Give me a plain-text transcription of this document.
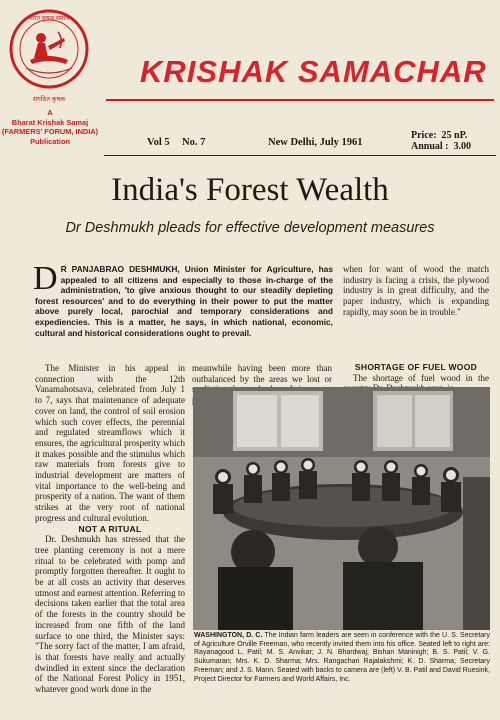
भारत कृषक समाज
संगठित कृषक
A
Bharat Krishak Samaj
(FARMERS' FORUM, INDIA)
Publication
KRISHAK SAMACHAR
Vol 5 No. 7	New Delhi, July 1961
Price: 25 nP.
Annual : 3.00
India's Forest Wealth
Dr Deshmukh pleads for effective development measures
D R PANJABRAO DESHMUKH, Union Minister for Agriculture, has appealed to all citizens and especially to those in-charge of the administration, 'to give anxious thought to our steadily depleting forest resources' and to do everything in their power to put the matter above purely local, parochial and temporary considerations and expediencies. This is a matter, he says, in which national, economic, cultural and historical considerations ought to prevail.

The Minister in his appeal in connection with the 12th Vanamahotsava, celebrated from July 1 to 7, says that maintenance of adequate cover on land, the control of soil erosion which such cover effects, the perennial and regulated streamflows which it ensures, the agricultural prosperity which it makes possible and the stimulus which raw materials from forests give to industrial development are matters of vital importance to the well-being and prosperity of a nation. The want of them strikes at the very root of national progress and cultural evolution.

NOT A RITUAL

Dr. Deshmukh has stressed that the tree planting ceremony is not a mere ritual to be celebrated with pomp and promptly forgotten thereafter. It ought to be at all costs an activity that deserves utmost and earnest attention. Referring to decisions taken earlier that the total area of the forests in the country should be increased from one fifth of the land surface to one third, the Minister says: "The sorry fact of the matter, I am afraid, is that forests have really and actually dwindled in extent since the declaration of the National Forest Policy in 1951, whatever good work done in the

meanwhile having been more than outbalanced by the areas we lost or

when for want of wood the match industry is facing a crisis, the plywood industry is in great difficulty, and the paper industry, which is expanding rapidly, may soon be in trouble."

SHORTAGE OF FUEL WOOD

The shortage of fuel wood in the

WASHINGTON, D. C. The Indian farm leaders are seen in conference with the U. S. Secretary of Agriculture Orville Freeman, who recently invited them into his office. Seated left to right are: Rayanagoud L. Patil; M. S. Anvikar; J. N. Bhardwaj; Bishan Maninigh; B. S. Patil; V. G. Sukumaran; Mrs. K. D. Sharma; Mrs. Rangachari Rajalakshmi; K. D. Sharma; Secretary Freeman; and J. S. Mann. Seated with backs to camera are (left) V. B. Patil and David Ruesink, Project Director for Farmers and World Affairs, Inc.
